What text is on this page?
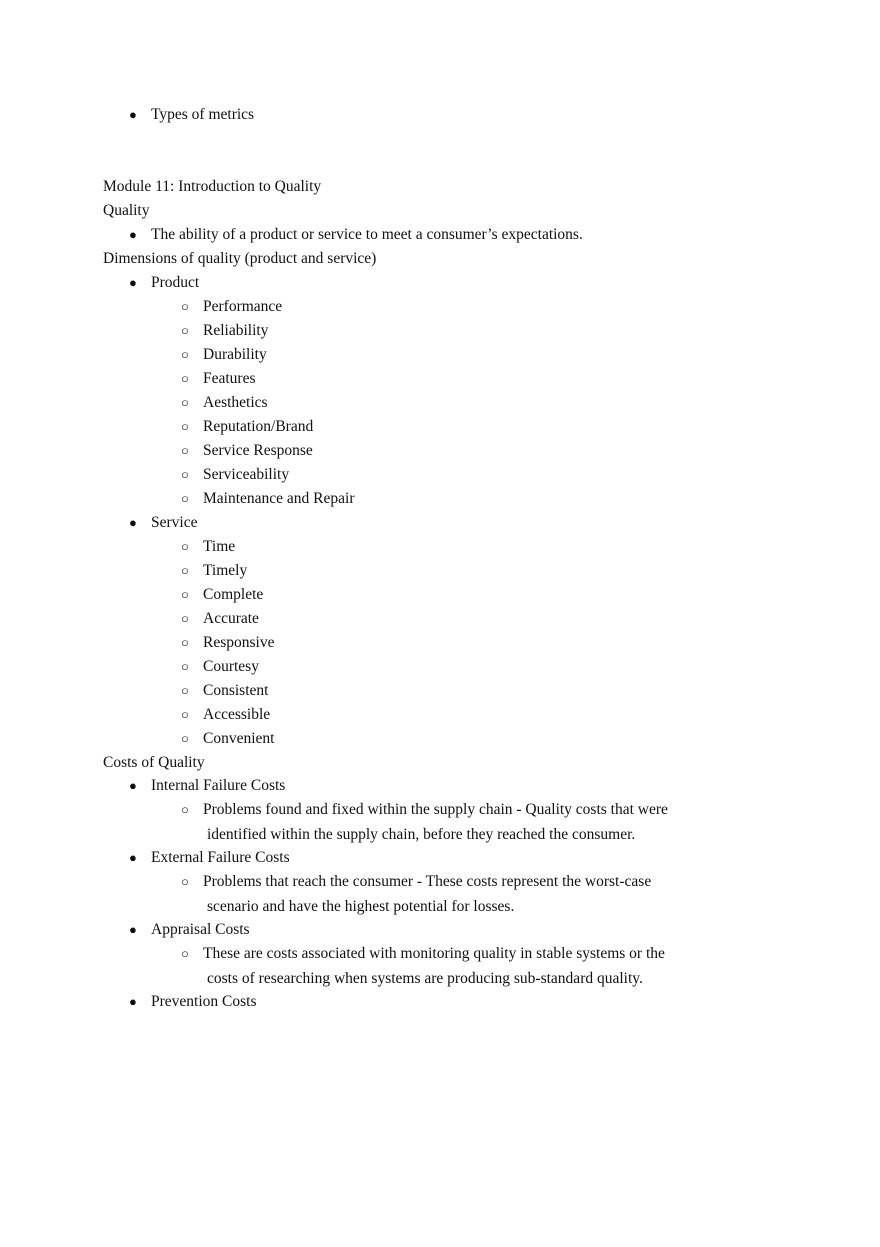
● Types of metrics
Module 11: Introduction to Quality
Quality
● The ability of a product or service to meet a consumer’s expectations.
Dimensions of quality (product and service)
● Product
○ Performance
○ Reliability
○ Durability
○ Features
○ Aesthetics
○ Reputation/Brand
○ Service Response
○ Serviceability
○ Maintenance and Repair
● Service
○ Time
○ Timely
○ Complete
○ Accurate
○ Responsive
○ Courtesy
○ Consistent
○ Accessible
○ Convenient
Costs of Quality
● Internal Failure Costs
○ Problems found and fixed within the supply chain - Quality costs that were
identified within the supply chain, before they reached the consumer.
● External Failure Costs
○ Problems that reach the consumer - These costs represent the worst-case
scenario and have the highest potential for losses.
● Appraisal Costs
○ These are costs associated with monitoring quality in stable systems or the
costs of researching when systems are producing sub-standard quality.
● Prevention Costs
